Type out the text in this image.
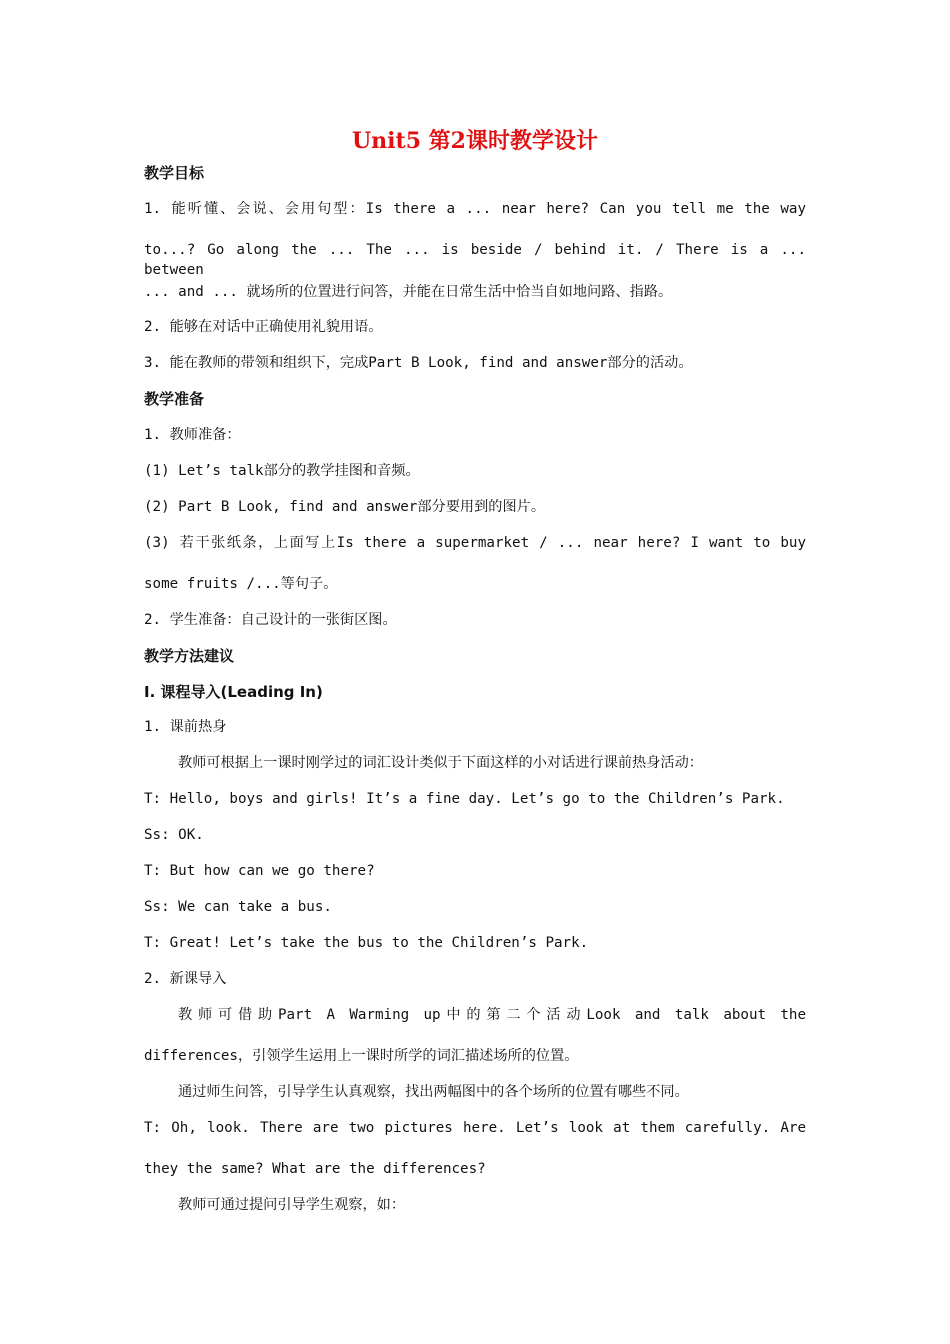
Unit5 第2课时教学设计
教学目标
1. 能听懂、会说、会用句型：Is there a ... near here? Can you tell me the way
to...? Go along the ... The ... is beside / behind it. / There is a ... between
... and ... 就场所的位置进行问答，并能在日常生活中恰当自如地问路、指路。
2. 能够在对话中正确使用礼貌用语。
3. 能在教师的带领和组织下，完成Part B Look, find and answer部分的活动。
教学准备
1. 教师准备：
(1) Let’s talk部分的教学挂图和音频。
(2) Part B Look, find and answer部分要用到的图片。
(3) 若干张纸条，上面写上Is there a supermarket / ... near here? I want to buy
some fruits /...等句子。
2. 学生准备：自己设计的一张街区图。
教学方法建议
I. 课程导入(Leading In)
1. 课前热身
教师可根据上一课时刚学过的词汇设计类似于下面这样的小对话进行课前热身活动：
T: Hello, boys and girls! It’s a fine day. Let’s go to the Children’s Park.
Ss: OK.
T: But how can we go there?
Ss: We can take a bus.
T: Great! Let’s take the bus to the Children’s Park.
2. 新课导入
教师可借助Part A Warming up中的第二个活动Look and talk about the
differences，引领学生运用上一课时所学的词汇描述场所的位置。
通过师生问答，引导学生认真观察，找出两幅图中的各个场所的位置有哪些不同。
T: Oh, look. There are two pictures here. Let’s look at them carefully. Are
they the same? What are the differences?
教师可通过提问引导学生观察，如：
